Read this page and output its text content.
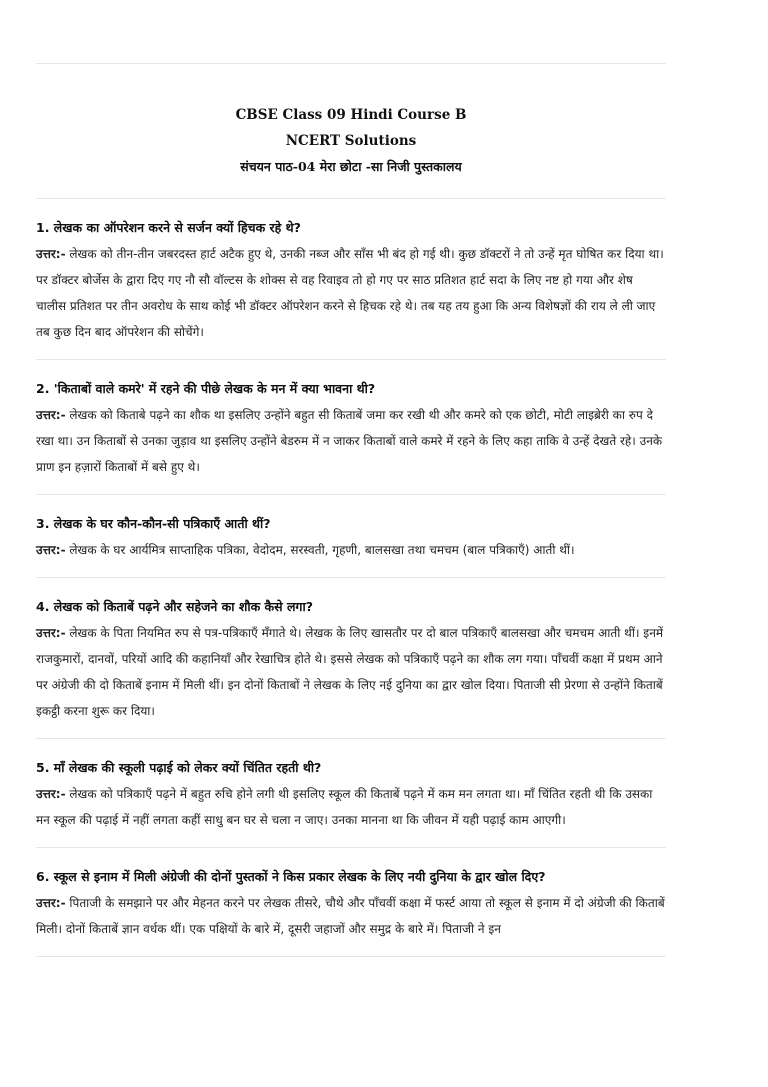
CBSE Class 09 Hindi Course B
NCERT Solutions
संचयन पाठ-04 मेरा छोटा -सा निजी पुस्तकालय
1. लेखक का ऑपरेशन करने से सर्जन क्यों हिचक रहे थे?
उत्तर:- लेखक को तीन-तीन जबरदस्त हार्ट अटैक हुए थे, उनकी नब्ज और साँस भी बंद हो गई थी। कुछ डॉक्टरों ने तो उन्हें मृत घोषित कर दिया था। पर डॉक्टर बोर्जेस के द्वारा दिए गए नौ सौ वॉल्टस के शोक्स से वह रिवाइव तो हो गए पर साठ प्रतिशत हार्ट सदा के लिए नष्ट हो गया और शेष चालीस प्रतिशत पर तीन अवरोध के साथ कोई भी डॉक्टर ऑपरेशन करने से हिचक रहे थे। तब यह तय हुआ कि अन्य विशेषज्ञों की राय ले ली जाए तब कुछ दिन बाद ऑपरेशन की सोचेंगे।
2. 'किताबों वाले कमरे' में रहने की पीछे लेखक के मन में क्या भावना थी?
उत्तर:- लेखक को किताबे पढ़ने का शौक था इसलिए उन्होंने बहुत सी किताबें जमा कर रखी थी और कमरे को एक छोटी, मोटी लाइब्रेरी का रुप दे रखा था। उन किताबों से उनका जुड़ाव था इसलिए उन्होंने बेडरुम में न जाकर किताबों वाले कमरे में रहने के लिए कहा ताकि वे उन्हें देखते रहे। उनके प्राण इन हज़ारों किताबों में बसे हुए थे।
3. लेखक के घर कौन-कौन-सी पत्रिकाएँ आती थीं?
उत्तर:- लेखक के घर आर्यमित्र साप्ताहिक पत्रिका, वेदोदम, सरस्वती, गृहणी, बालसखा तथा चमचम (बाल पत्रिकाएँ) आती थीं।
4. लेखक को किताबें पढ़ने और सहेजने का शौक कैसे लगा?
उत्तर:- लेखक के पिता नियमित रुप से पत्र-पत्रिकाएँ मँगाते थे। लेखक के लिए खासतौर पर दो बाल पत्रिकाएँ बालसखा और चमचम आती थीं। इनमें राजकुमारों, दानवों, परियों आदि की कहानियाँ और रेखाचित्र होते थे। इससे लेखक को पत्रिकाएँ पढ़ने का शौक लग गया। पाँचवीं कक्षा में प्रथम आने पर अंग्रेजी की दो किताबें इनाम में मिली थीं। इन दोनों किताबों ने लेखक के लिए नई दुनिया का द्वार खोल दिया। पिताजी सी प्रेरणा से उन्होंने किताबें इकट्ठी करना शुरू कर दिया।
5. माँ लेखक की स्कूली पढ़ाई को लेकर क्यों चिंतित रहती थी?
उत्तर:- लेखक को पत्रिकाएँ पढ़ने में बहुत रुचि होने लगी थी इसलिए स्कूल की किताबें पढ़ने में कम मन लगता था। माँ चिंतित रहती थी कि उसका मन स्कूल की पढ़ाई में नहीं लगता कहीं साधु बन घर से चला न जाए। उनका मानना था कि जीवन में यही पढ़ाई काम आएगी।
6. स्कूल से इनाम में मिली अंग्रेजी की दोनों पुस्तकों ने किस प्रकार लेखक के लिए नयी दुनिया के द्वार खोल दिए?
उत्तर:- पिताजी के समझाने पर और मेहनत करने पर लेखक तीसरे, चौथे और पाँचवीं कक्षा में फर्स्ट आया तो स्कूल से इनाम में दो अंग्रेजी की किताबें मिली। दोनों किताबें ज्ञान वर्धक थीं। एक पक्षियों के बारे में, दूसरी जहाजों और समुद्र के बारे में। पिताजी ने इन
